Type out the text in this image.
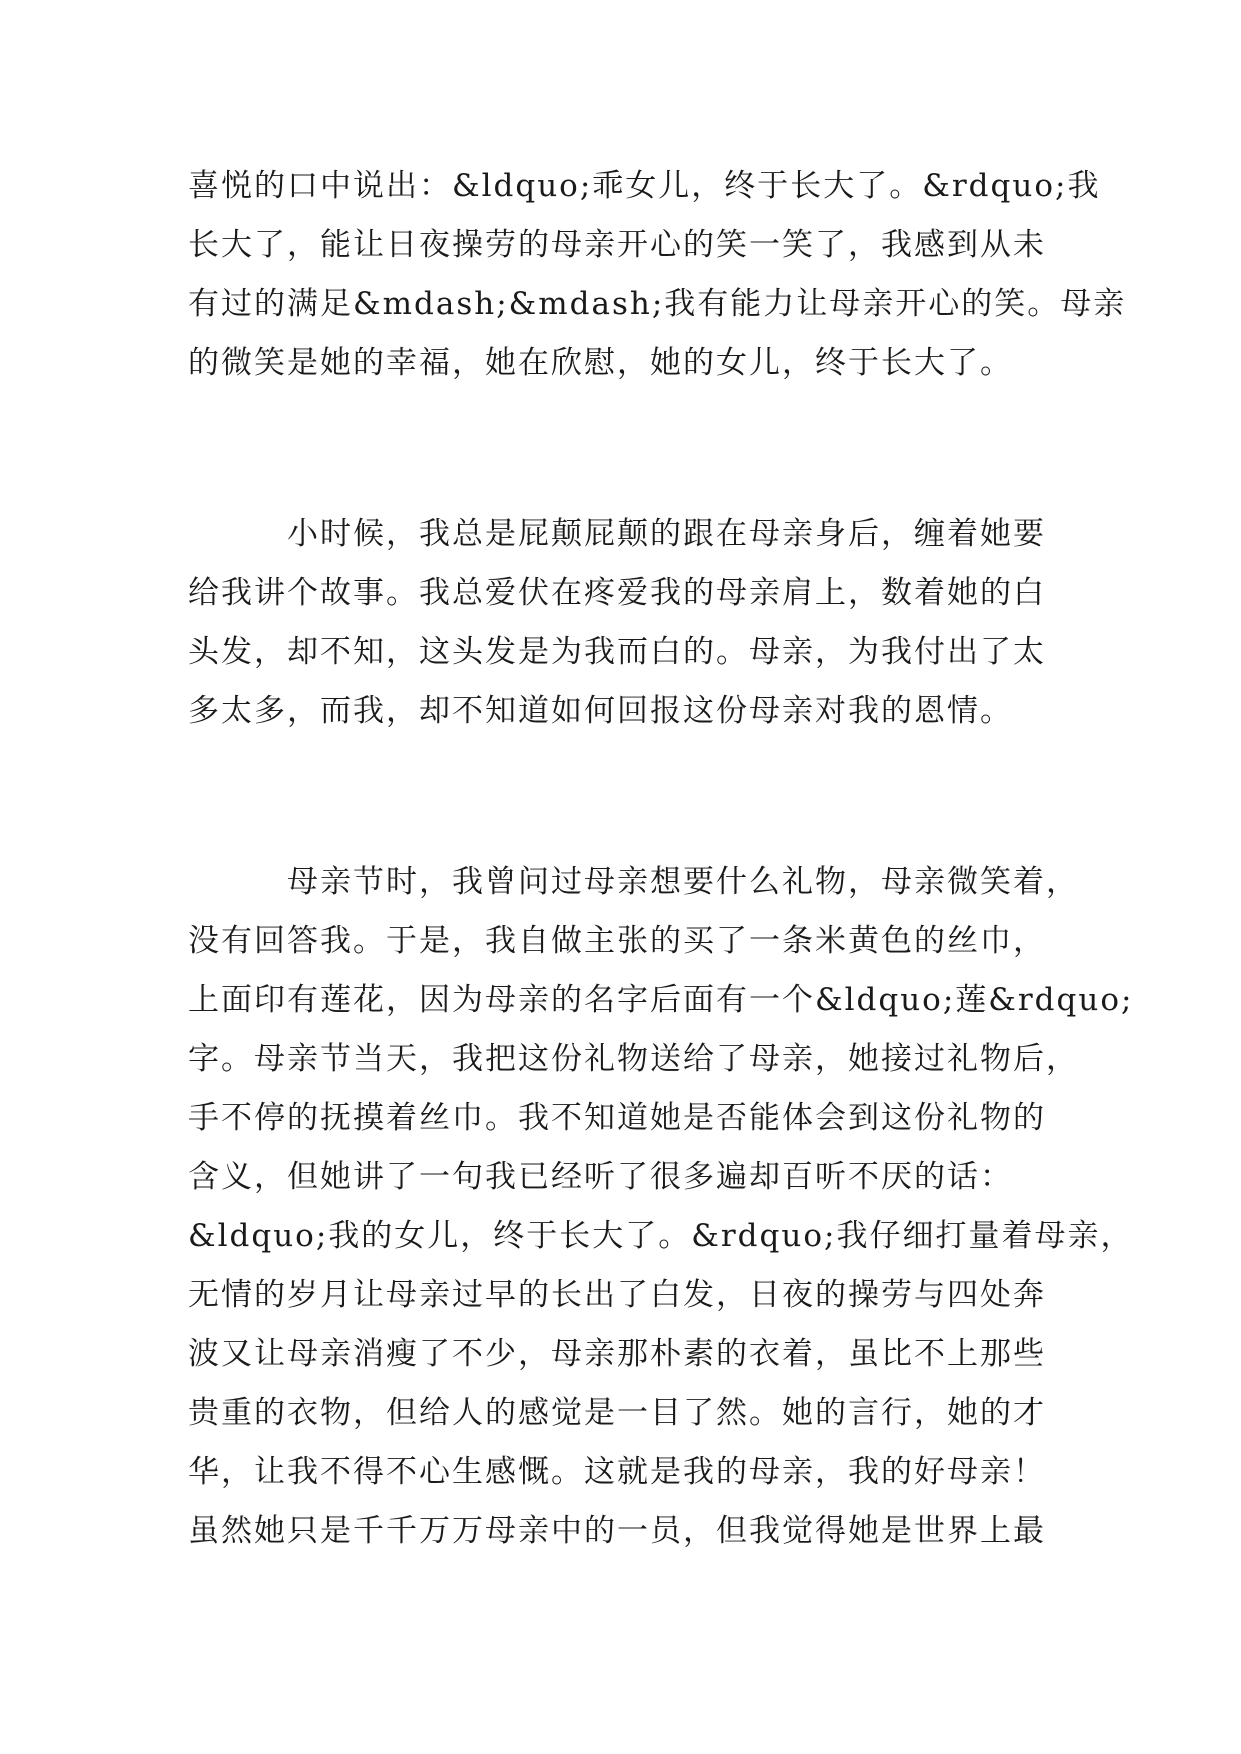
喜悦的口中说出：&ldquo;乖女儿，终于长大了。&rdquo;我
长大了，能让日夜操劳的母亲开心的笑一笑了，我感到从未
有过的满足&mdash;&mdash;我有能力让母亲开心的笑。母亲
的微笑是她的幸福，她在欣慰，她的女儿，终于长大了。
　　　小时候，我总是屁颠屁颠的跟在母亲身后，缠着她要
给我讲个故事。我总爱伏在疼爱我的母亲肩上，数着她的白
头发，却不知，这头发是为我而白的。母亲，为我付出了太
多太多，而我，却不知道如何回报这份母亲对我的恩情。
　　　母亲节时，我曾问过母亲想要什么礼物，母亲微笑着，
没有回答我。于是，我自做主张的买了一条米黄色的丝巾，
上面印有莲花，因为母亲的名字后面有一个&ldquo;莲&rdquo;
字。母亲节当天，我把这份礼物送给了母亲，她接过礼物后，
手不停的抚摸着丝巾。我不知道她是否能体会到这份礼物的
含义，但她讲了一句我已经听了很多遍却百听不厌的话：
&ldquo;我的女儿，终于长大了。&rdquo;我仔细打量着母亲，
无情的岁月让母亲过早的长出了白发，日夜的操劳与四处奔
波又让母亲消瘦了不少，母亲那朴素的衣着，虽比不上那些
贵重的衣物，但给人的感觉是一目了然。她的言行，她的才
华，让我不得不心生感慨。这就是我的母亲，我的好母亲！
虽然她只是千千万万母亲中的一员，但我觉得她是世界上最
